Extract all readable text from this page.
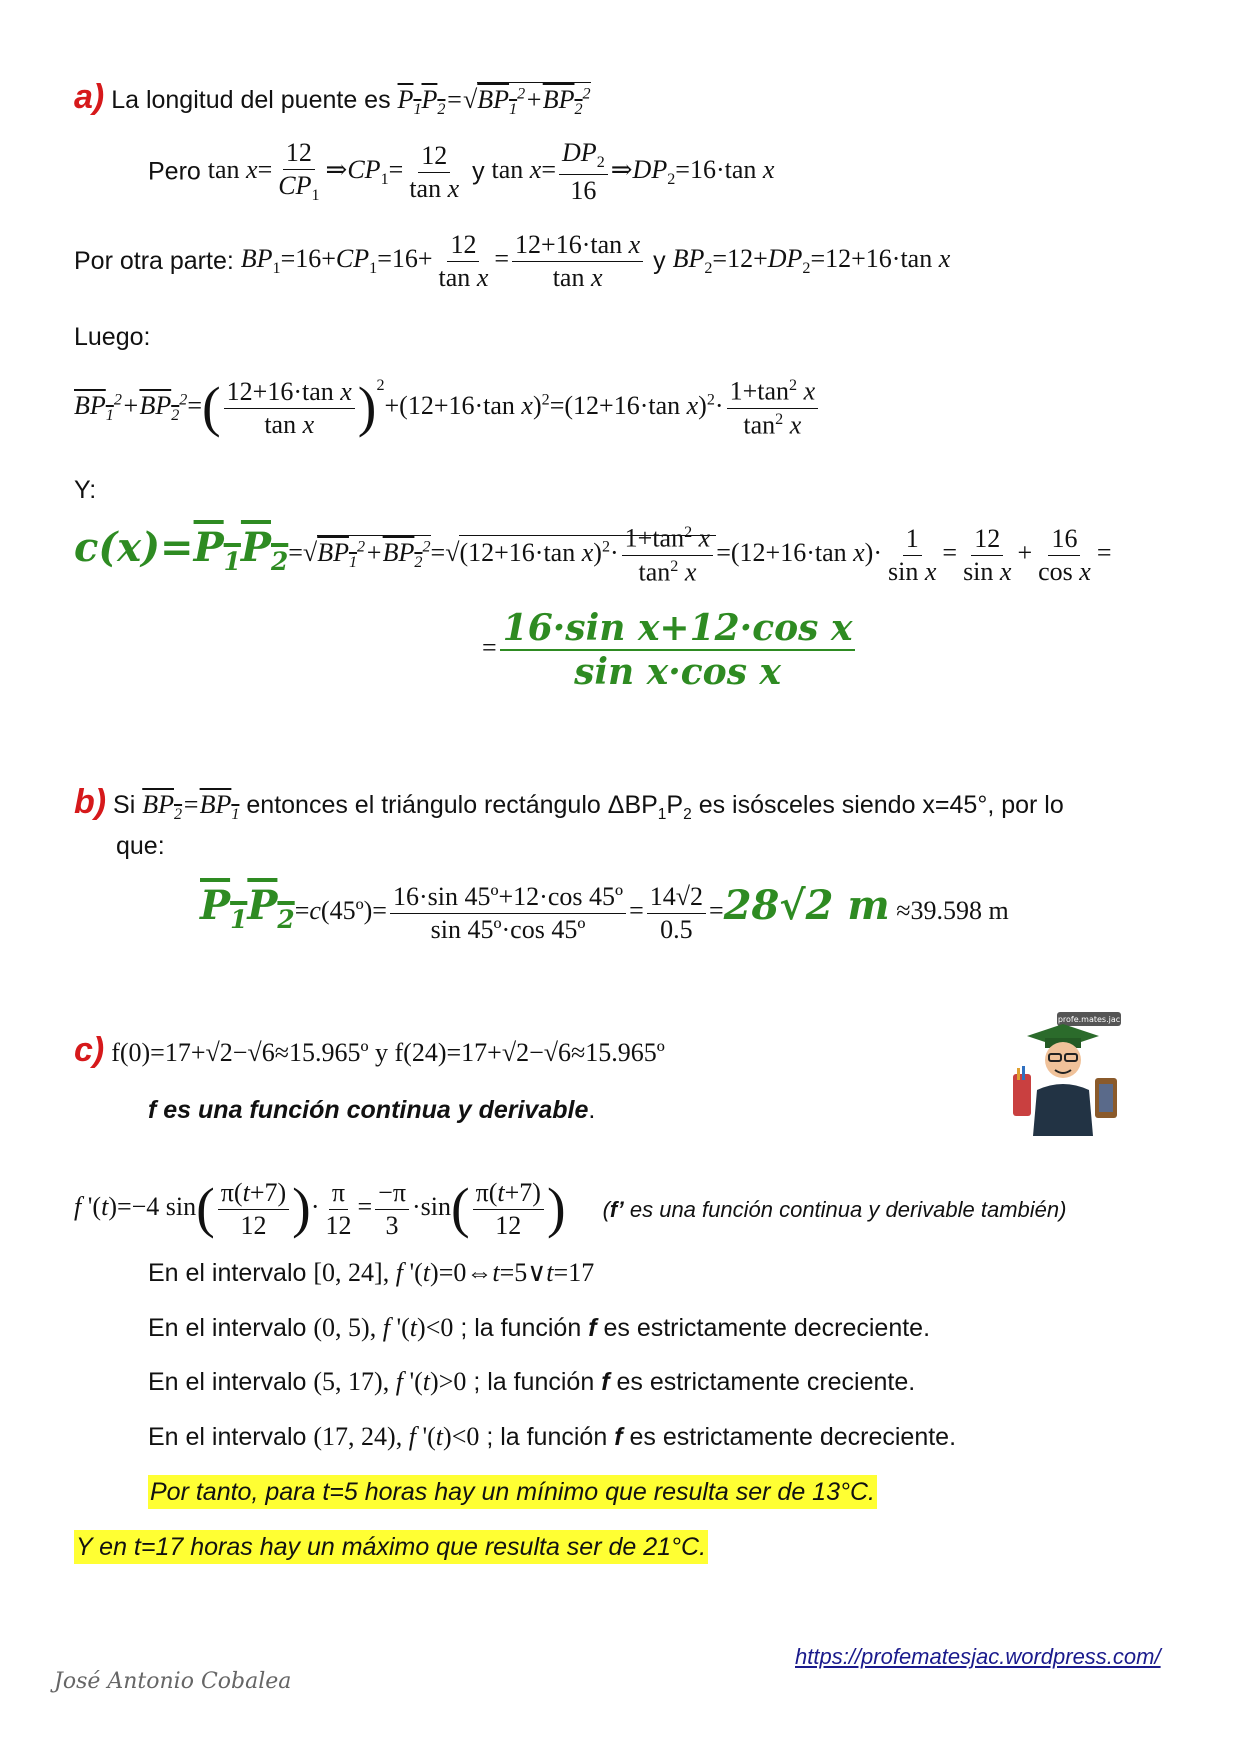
a) La longitud del puente es $P_1P_2=√BP_1^2+BP_2^2$
Pero $\tan x= \frac{12}{CP_1}$ $\Rightarrow CP_1= \frac{12}{\text{tan x}}$ y $\tan x= \frac{DP_2}{16}$ $\Rightarrow DP_2=16\cdot\tan$ x
Por otra parte: $BP_1=16+CP_1=16+ \frac{12}{\text{tan x}} = \frac{\text{12+16·tan x}}{\text{tan x}}$ y $BP_2=12+DP_2=12+16\cdot\tan$ x
Luego:
$BP_1^2+BP_2^2=( \frac{\text{12+16·tan x}}{\text{tan x}} )^2+(12+16\cdot\tan$ x)$^2$=(12+16·tan $x)^2\cdot \frac{1+\tan^2 x}{\tan^2 x}$
Y:
$c(x)=P_1P_2=√BP_1^2+BP_2^2=√(12+16\cdot\tan$ $x)^2\cdot \frac{1+\tan^2 x}{\tan^2 x} =(12+16\cdot\tan$ $x)\cdot \frac{1}{\text{sin x}} = \frac{12}{\text{sin x}} + \frac{16}{\text{cos x}}$ =
= $\frac{\text{16·sin x+12·cos x}}{\text{sin x·cos x}}$
b) Si $BP_2=BP_1$ entonces el triángulo rectángulo $\Delta BP_1P_2$ es isósceles siendo x=45°, por lo
que:
$P_1P_2=c(45º)= \frac{\text{16·sin 45º+12·cos 45º}}{\text{sin 45º·cos 45º}} = \frac{14√2}{0.5} =28√2$ m ≈39.598 m
c) f(0)=17+√2−√6≈15.965º y f(24)=17+√2−√6≈15.965º
f es una función continua y derivable.
f '(t)=−4 $\sin( \frac{\pi(t+7)}{12}$ )· $\frac{\pi}{12} = \frac{-\pi}{3} \cdot\sin( \frac{\pi(t+7)}{12}$ ) (f’ es una función continua y derivable también)
En el intervalo [0, 24], f '(t)=0⇔t=5∨t=17
En el intervalo (0, 5), f '(t)<0 ; la función f es estrictamente decreciente.
En el intervalo (5, 17), f '(t)>0 ; la función f es estrictamente creciente.
En el intervalo (17, 24), f '(t)<0 ; la función f es estrictamente decreciente.
Por tanto, para t=5 horas hay un mínimo que resulta ser de 13°C.
Y en t=17 horas hay un máximo que resulta ser de 21°C.
profe.mates.jac
https://profematesjac.wordpress.com/
José Antonio Cobalea
